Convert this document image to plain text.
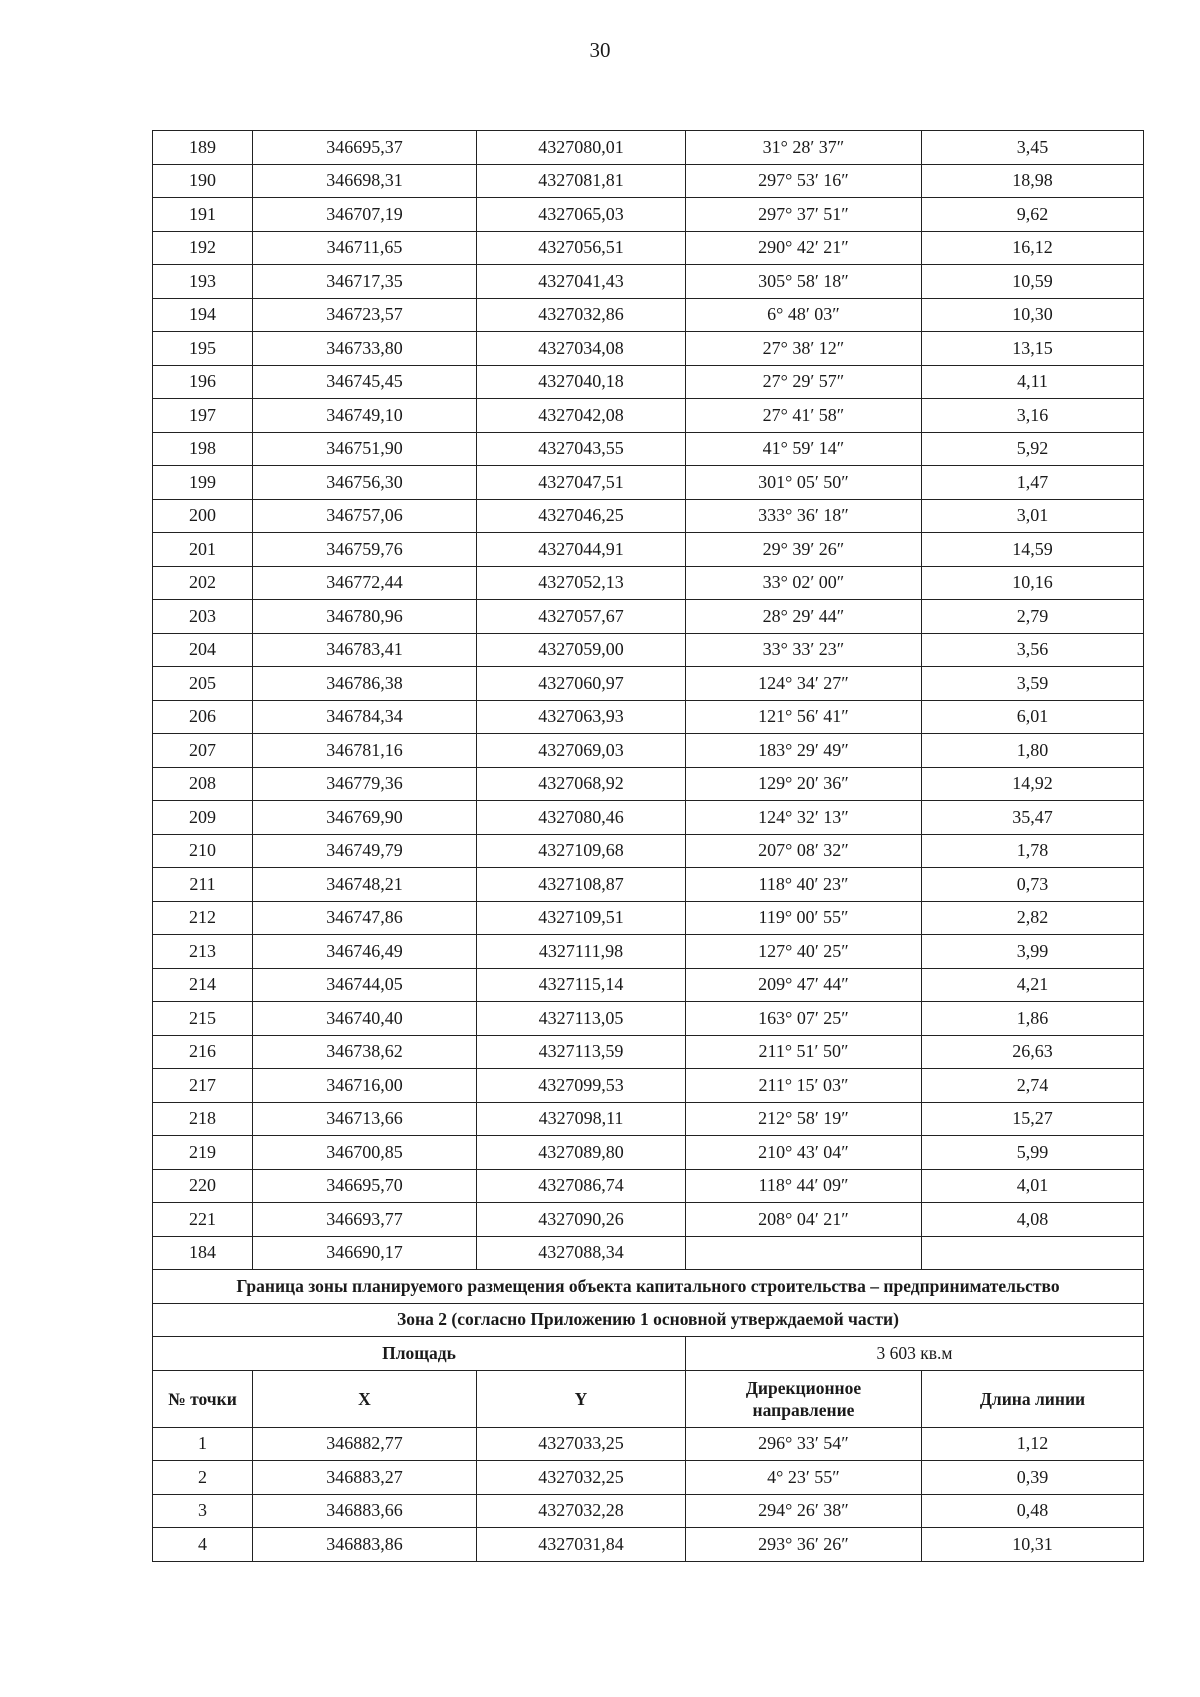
30
189	346695,37	4327080,01	31° 28′ 37″	3,45
190	346698,31	4327081,81	297° 53′ 16″	18,98
191	346707,19	4327065,03	297° 37′ 51″	9,62
192	346711,65	4327056,51	290° 42′ 21″	16,12
193	346717,35	4327041,43	305° 58′ 18″	10,59
194	346723,57	4327032,86	6° 48′ 03″	10,30
195	346733,80	4327034,08	27° 38′ 12″	13,15
196	346745,45	4327040,18	27° 29′ 57″	4,11
197	346749,10	4327042,08	27° 41′ 58″	3,16
198	346751,90	4327043,55	41° 59′ 14″	5,92
199	346756,30	4327047,51	301° 05′ 50″	1,47
200	346757,06	4327046,25	333° 36′ 18″	3,01
201	346759,76	4327044,91	29° 39′ 26″	14,59
202	346772,44	4327052,13	33° 02′ 00″	10,16
203	346780,96	4327057,67	28° 29′ 44″	2,79
204	346783,41	4327059,00	33° 33′ 23″	3,56
205	346786,38	4327060,97	124° 34′ 27″	3,59
206	346784,34	4327063,93	121° 56′ 41″	6,01
207	346781,16	4327069,03	183° 29′ 49″	1,80
208	346779,36	4327068,92	129° 20′ 36″	14,92
209	346769,90	4327080,46	124° 32′ 13″	35,47
210	346749,79	4327109,68	207° 08′ 32″	1,78
211	346748,21	4327108,87	118° 40′ 23″	0,73
212	346747,86	4327109,51	119° 00′ 55″	2,82
213	346746,49	4327111,98	127° 40′ 25″	3,99
214	346744,05	4327115,14	209° 47′ 44″	4,21
215	346740,40	4327113,05	163° 07′ 25″	1,86
216	346738,62	4327113,59	211° 51′ 50″	26,63
217	346716,00	4327099,53	211° 15′ 03″	2,74
218	346713,66	4327098,11	212° 58′ 19″	15,27
219	346700,85	4327089,80	210° 43′ 04″	5,99
220	346695,70	4327086,74	118° 44′ 09″	4,01
221	346693,77	4327090,26	208° 04′ 21″	4,08
184	346690,17	4327088,34		
Граница зоны планируемого размещения объекта капитального строительства – предпринимательство				
Зона 2 (согласно Приложению 1 основной утверждаемой части)				
Площадь			3 603 кв.м	
№ точки	X	Y	Дирекционное направление	Длина линии
1	346882,77	4327033,25	296° 33′ 54″	1,12
2	346883,27	4327032,25	4° 23′ 55″	0,39
3	346883,66	4327032,28	294° 26′ 38″	0,48
4	346883,86	4327031,84	293° 36′ 26″	10,31
